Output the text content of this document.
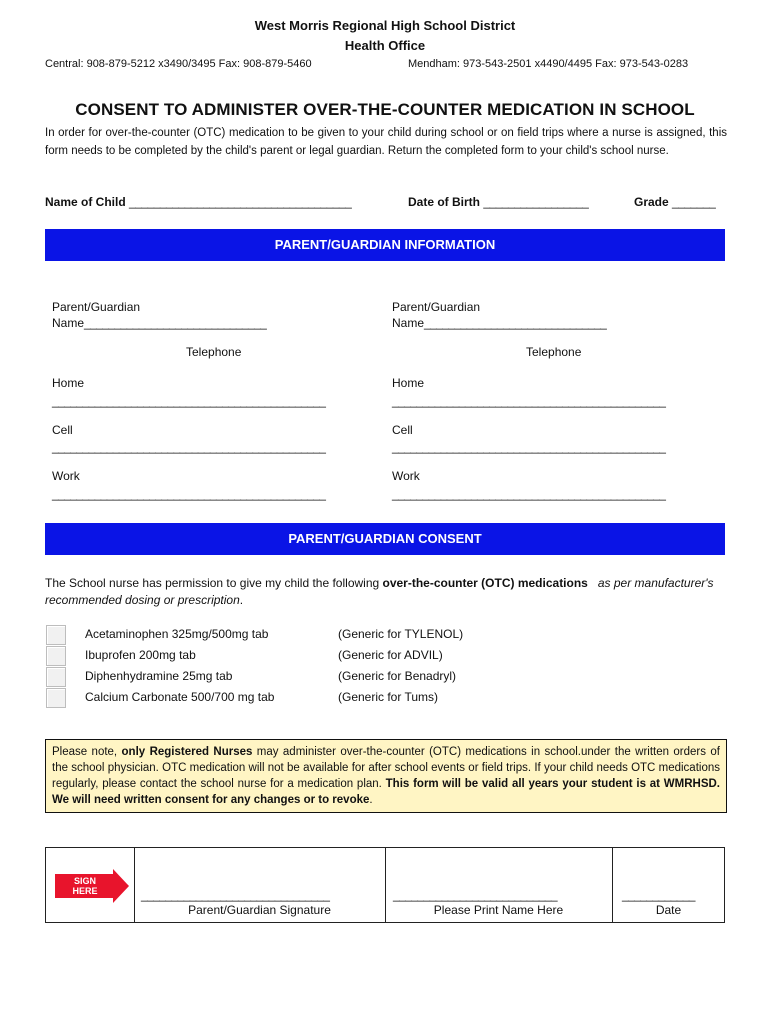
West Morris Regional High School District
Health Office
Central: 908-879-5212 x3490/3495 Fax: 908-879-5460	Mendham: 973-543-2501 x4490/4495 Fax: 973-543-0283
CONSENT TO ADMINISTER OVER-THE-COUNTER MEDICATION IN SCHOOL
In order for over-the-counter (OTC) medication to be given to your child during school or on field trips where a nurse is assigned, this form needs to be completed by the child's parent or legal guardian. Return the completed form to your child's school nurse.
Name of Child ____________________________________	Date of Birth _________________	Grade _______
PARENT/GUARDIAN INFORMATION
Parent/Guardian
Name______________________________
Telephone
Home
_____________________________________________
Cell
_____________________________________________
Work
_____________________________________________
Parent/Guardian
Name______________________________
Telephone
Home
_____________________________________________
Cell
_____________________________________________
Work
_____________________________________________
PARENT/GUARDIAN CONSENT
The School nurse has permission to give my child the following over-the-counter (OTC) medications as per manufacturer's recommended dosing or prescription.
Acetaminophen 325mg/500mg tab	(Generic for TYLENOL)
Ibuprofen 200mg tab	(Generic for ADVIL)
Diphenhydramine 25mg tab	(Generic for Benadryl)
Calcium Carbonate 500/700 mg tab	(Generic for Tums)
Please note, only Registered Nurses may administer over-the-counter (OTC) medications in school.under the written orders of the school physician. OTC medication will not be available for after school events or field trips. If your child needs OTC medications regularly, please contact the school nurse for a medication plan. This form will be valid all years your student is at WMRHSD. We will need written consent for any changes or to revoke.
SIGN
HERE	_______________________________
Parent/Guardian Signature
___________________________
Please Print Name Here
____________
Date
